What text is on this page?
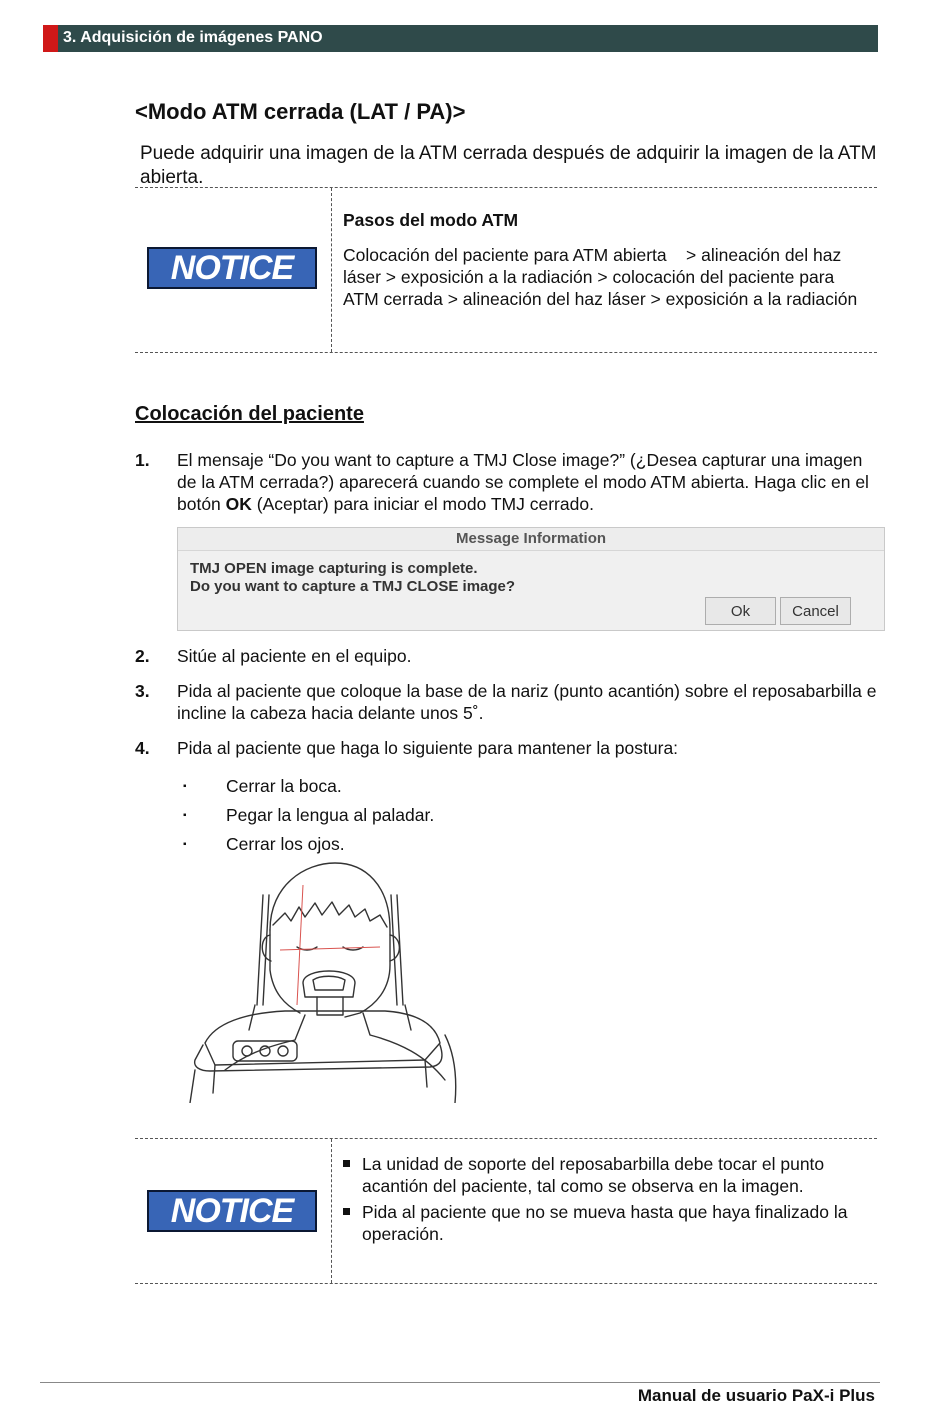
3. Adquisición de imágenes PANO
<Modo ATM cerrada (LAT / PA)>
Puede adquirir una imagen de la ATM cerrada después de adquirir la imagen de la ATM abierta.
NOTICE
Pasos del modo ATM
Colocación del paciente para ATM abierta    > alineación del haz láser > exposición a la radiación > colocación del paciente para ATM cerrada > alineación del haz láser > exposición a la radiación
Colocación del paciente
1. El mensaje “Do you want to capture a TMJ Close image?” (¿Desea capturar una imagen de la ATM cerrada?) aparecerá cuando se complete el modo ATM abierta. Haga clic en el botón OK (Aceptar) para iniciar el modo TMJ cerrado.
Message Information
TMJ OPEN image capturing is complete.
Do you want to capture a TMJ CLOSE image?
Ok	Cancel
2. Sitúe al paciente en el equipo.
3. Pida al paciente que coloque la base de la nariz (punto acantión) sobre el reposabarbilla e incline la cabeza hacia delante unos 5˚.
4. Pida al paciente que haga lo siguiente para mantener la postura:
▪ Cerrar la boca.
▪ Pegar la lengua al paladar.
▪ Cerrar los ojos.
NOTICE
La unidad de soporte del reposabarbilla debe tocar el punto acantión del paciente, tal como se observa en la imagen.
Pida al paciente que no se mueva hasta que haya finalizado la operación.
Manual de usuario PaX-i Plus
